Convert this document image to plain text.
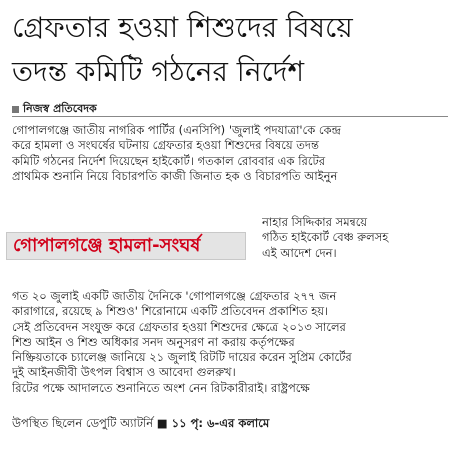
গ্রেফতার হওয়া শিশুদের বিষয়ে
তদন্ত কমিটি গঠনের নির্দেশ
নিজস্ব প্রতিবেদক
গোপালগঞ্জে জাতীয় নাগরিক পার্টির (এনসিপি) 'জুলাই পদযাত্রা'কে কেন্দ্র
করে হামলা ও সংঘর্ষের ঘটনায় গ্রেফতার হওয়া শিশুদের বিষয়ে তদন্ত
কমিটি গঠনের নির্দেশ দিয়েছেন হাইকোর্ট। গতকাল রোববার এক রিটের
প্রাথমিক শুনানি নিয়ে বিচারপতি কাজী জিনাত হক ও বিচারপতি আইনুন
নাহার সিদ্দিকার সমন্বয়ে
গঠিত হাইকোর্ট বেঞ্চ রুলসহ
এই আদেশ দেন।
গোপালগঞ্জে হামলা-সংঘর্ষ
গত ২০ জুলাই একটি জাতীয় দৈনিকে 'গোপালগঞ্জে গ্রেফতার ২৭৭ জন
কারাগারে, রয়েছে ৯ শিশুও' শিরোনামে একটি প্রতিবেদন প্রকাশিত হয়।
সেই প্রতিবেদন সংযুক্ত করে গ্রেফতার হওয়া শিশুদের ক্ষেত্রে ২০১৩ সালের
শিশু আইন ও শিশু অধিকার সনদ অনুসরণ না করায় কর্তৃপক্ষের
নিষ্ক্রিয়তাকে চ্যালেঞ্জ জানিয়ে ২১ জুলাই রিটটি দায়ের করেন সুপ্রিম কোর্টের
দুই আইনজীবী উৎপল বিশ্বাস ও আবেদা গুলরুখ।
রিটের পক্ষে আদালতে শুনানিতে অংশ নেন রিটকারীরাই। রাষ্ট্রপক্ষে
উপস্থিত ছিলেন ডেপুটি অ্যাটর্নি ■ ১১ পৃ: ৬-এর কলামে
